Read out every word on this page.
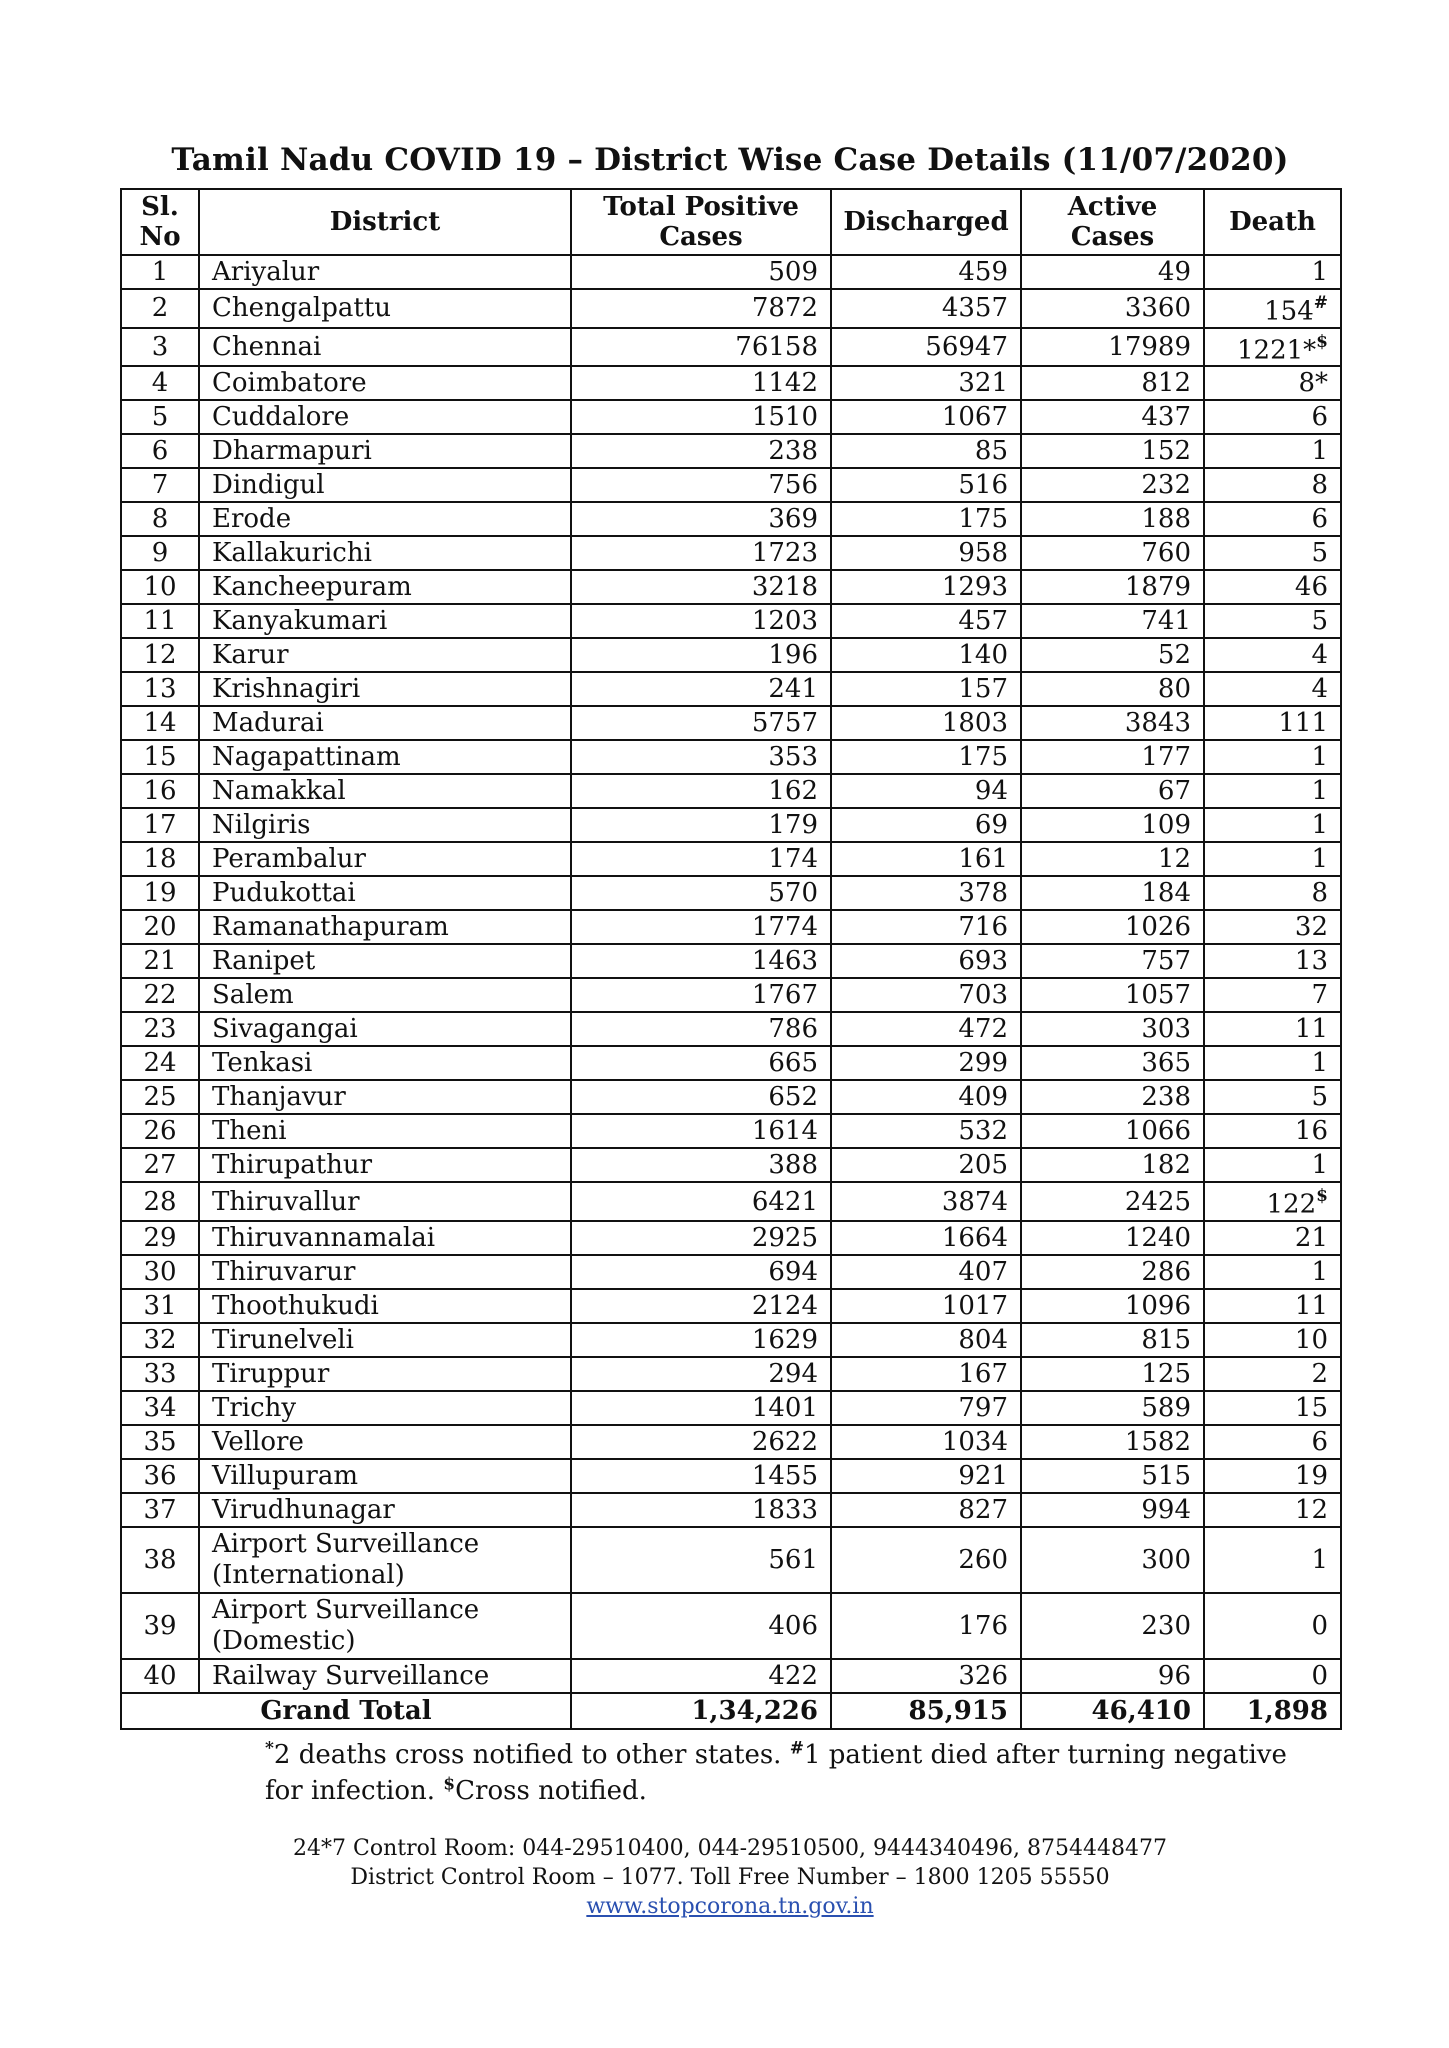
Tamil Nadu COVID 19 – District Wise Case Details (11/07/2020)
Sl. No	District	Total Positive Cases	Discharged	Active Cases	Death
1	Ariyalur	509	459	49	1
2	Chengalpattu	7872	4357	3360	154#
3	Chennai	76158	56947	17989	1221*$
4	Coimbatore	1142	321	812	8*
5	Cuddalore	1510	1067	437	6
6	Dharmapuri	238	85	152	1
7	Dindigul	756	516	232	8
8	Erode	369	175	188	6
9	Kallakurichi	1723	958	760	5
10	Kancheepuram	3218	1293	1879	46
11	Kanyakumari	1203	457	741	5
12	Karur	196	140	52	4
13	Krishnagiri	241	157	80	4
14	Madurai	5757	1803	3843	111
15	Nagapattinam	353	175	177	1
16	Namakkal	162	94	67	1
17	Nilgiris	179	69	109	1
18	Perambalur	174	161	12	1
19	Pudukottai	570	378	184	8
20	Ramanathapuram	1774	716	1026	32
21	Ranipet	1463	693	757	13
22	Salem	1767	703	1057	7
23	Sivagangai	786	472	303	11
24	Tenkasi	665	299	365	1
25	Thanjavur	652	409	238	5
26	Theni	1614	532	1066	16
27	Thirupathur	388	205	182	1
28	Thiruvallur	6421	3874	2425	122$
29	Thiruvannamalai	2925	1664	1240	21
30	Thiruvarur	694	407	286	1
31	Thoothukudi	2124	1017	1096	11
32	Tirunelveli	1629	804	815	10
33	Tiruppur	294	167	125	2
34	Trichy	1401	797	589	15
35	Vellore	2622	1034	1582	6
36	Villupuram	1455	921	515	19
37	Virudhunagar	1833	827	994	12
38	Airport Surveillance (International)	561	260	300	1
39	Airport Surveillance (Domestic)	406	176	230	0
40	Railway Surveillance	422	326	96	0
Grand Total		1,34,226	85,915	46,410	1,898
*2 deaths cross notified to other states. #1 patient died after turning negative for infection. $Cross notified.
24*7 Control Room: 044-29510400, 044-29510500, 9444340496, 8754448477
District Control Room – 1077. Toll Free Number – 1800 1205 55550
www.stopcorona.tn.gov.in
